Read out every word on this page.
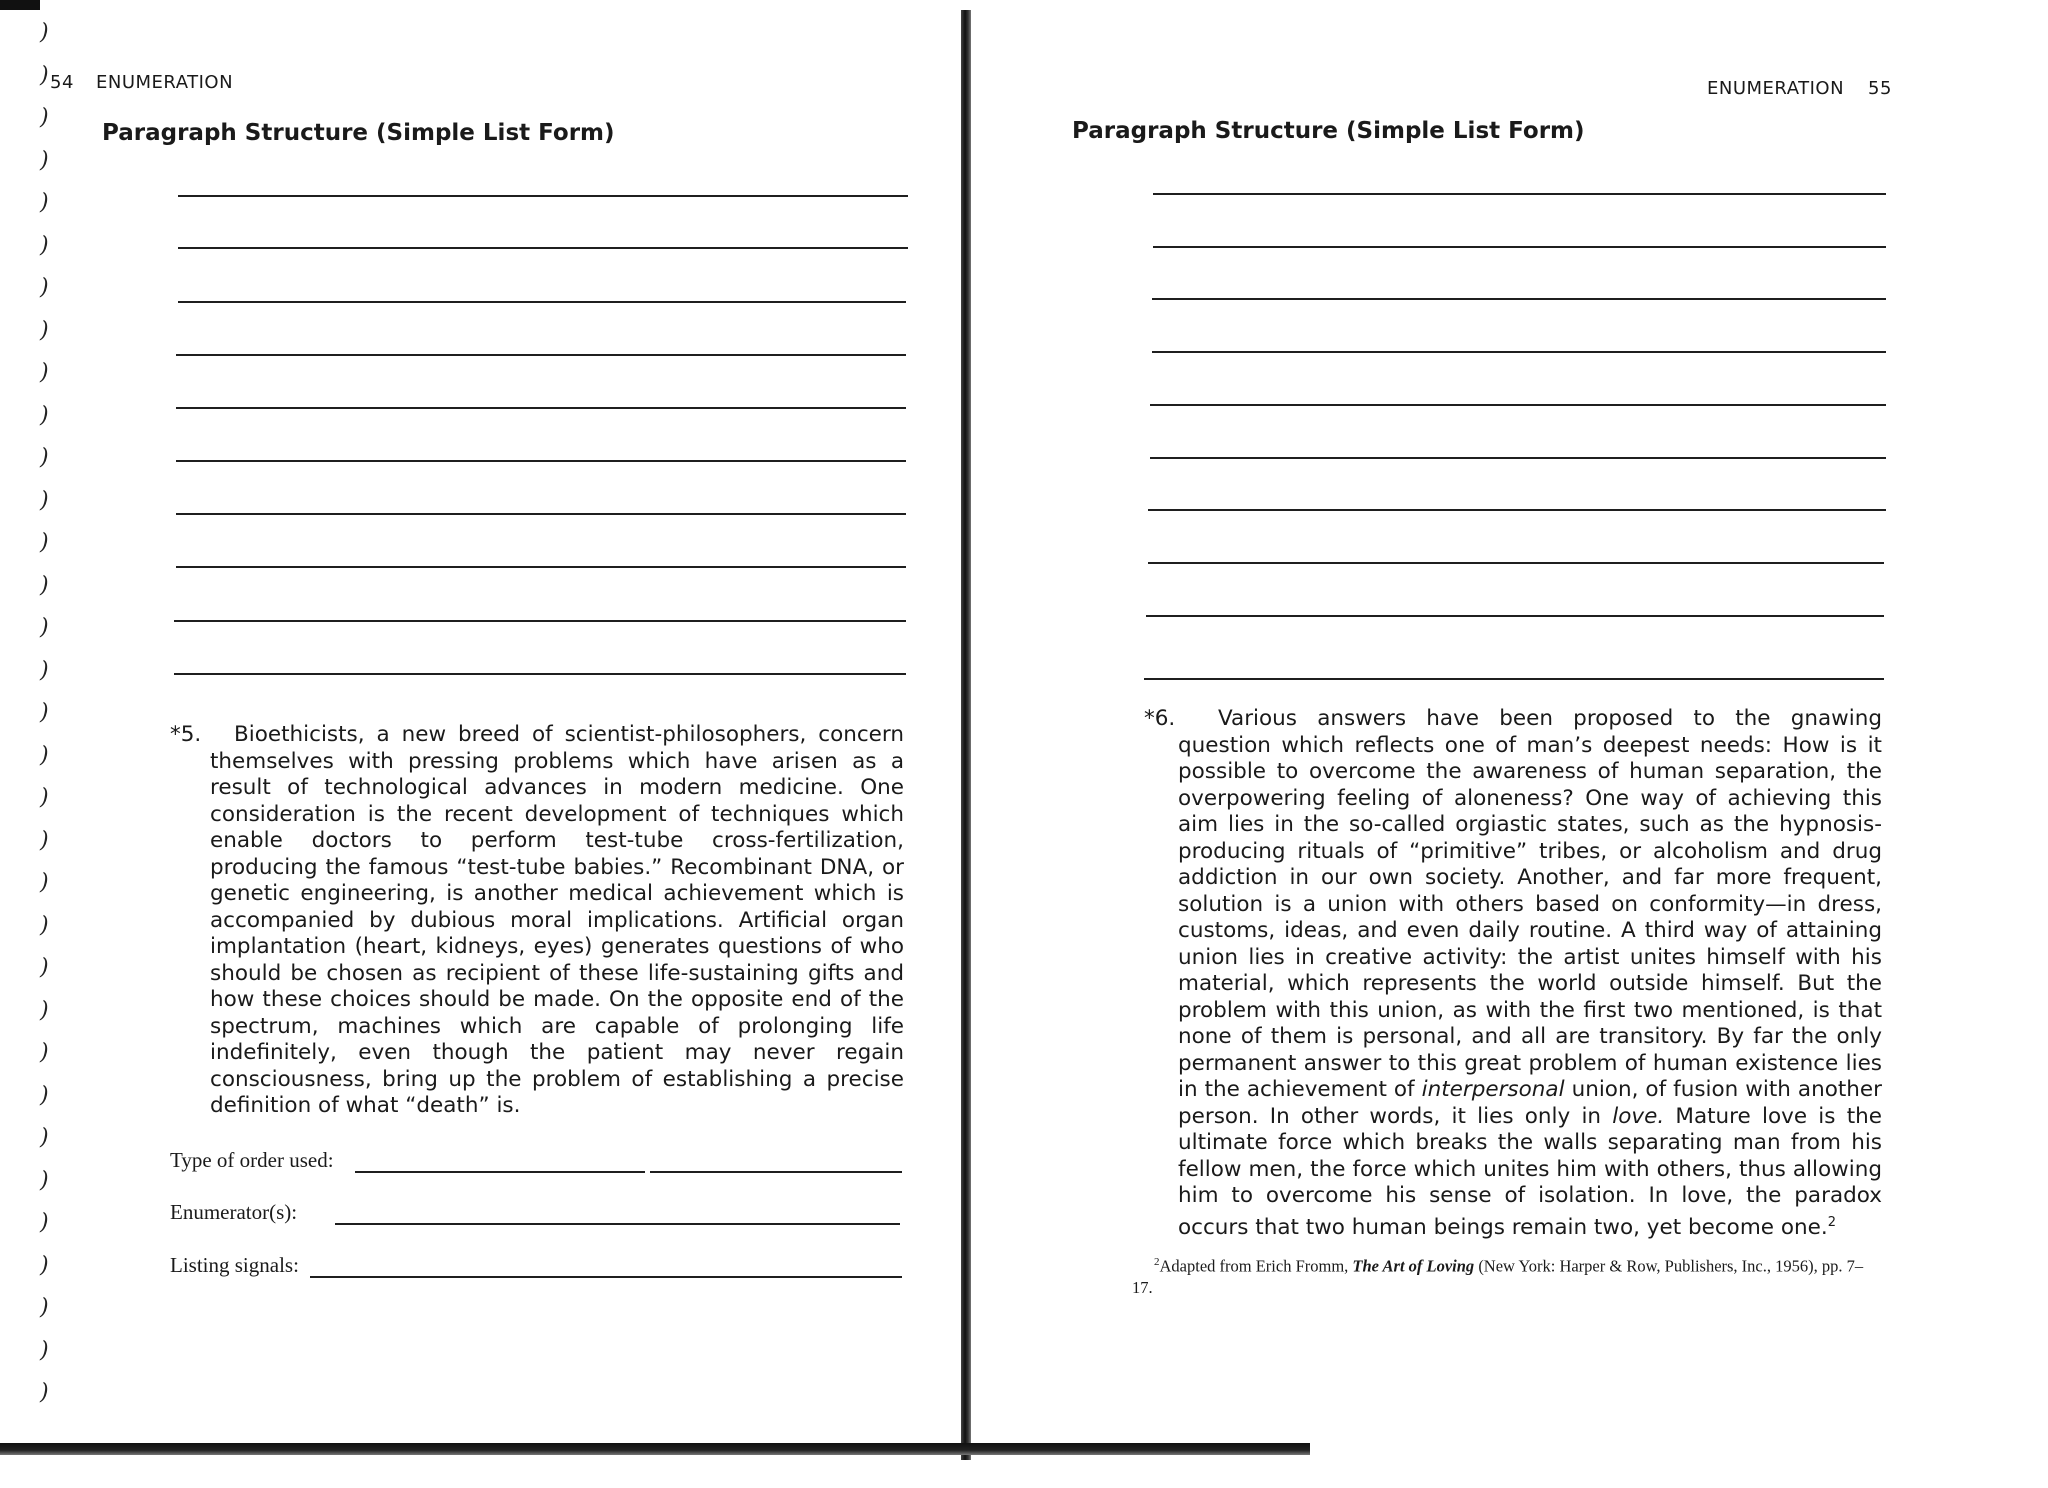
)
)
)
)
)
)
)
)
)
)
)
)
)
)
)
)
)
)
)
)
)
)
)
)
)
)
)
)
)
)
)
)
)
54 ENUMERATION
Paragraph Structure (Simple List Form)
*5.	Bioethicists, a new breed of scientist-philosophers, concern themselves with pressing problems which have arisen as a result of technological advances in modern medicine. One consideration is the recent development of techniques which enable doctors to perform test-tube cross-fertilization, producing the famous “test-tube babies.” Recombinant DNA, or genetic engineering, is another medical achievement which is accompanied by dubious moral implications. Artificial organ implantation (heart, kidneys, eyes) generates questions of who should be chosen as recipient of these life-sustaining gifts and how these choices should be made. On the opposite end of the spectrum, machines which are capable of prolonging life indefinitely, even though the patient may never regain consciousness, bring up the problem of establishing a precise definition of what “death” is.

Type of order used:
Enumerator(s):
Listing signals:
ENUMERATION 55
Paragraph Structure (Simple List Form)
*6.	Various answers have been proposed to the gnawing question which reflects one of man’s deepest needs: How is it possible to overcome the awareness of human separation, the overpowering feeling of aloneness? One way of achieving this aim lies in the so-called orgiastic states, such as the hypnosis-producing rituals of “primitive” tribes, or alcoholism and drug addiction in our own society. Another, and far more frequent, solution is a union with others based on conformity—in dress, customs, ideas, and even daily routine. A third way of attaining union lies in creative activity: the artist unites himself with his material, which represents the world outside himself. But the problem with this union, as with the first two mentioned, is that none of them is personal, and all are transitory. By far the only permanent answer to this great problem of human existence lies in the achievement of interpersonal union, of fusion with another person. In other words, it lies only in love. Mature love is the ultimate force which breaks the walls separating man from his fellow men, the force which unites him with others, thus allowing him to overcome his sense of isolation. In love, the paradox occurs that two human beings remain two, yet become one.$^2$

$^2$Adapted from Erich Fromm, The Art of Loving (New York: Harper & Row, Publishers, Inc., 1956), pp. 7–17.
